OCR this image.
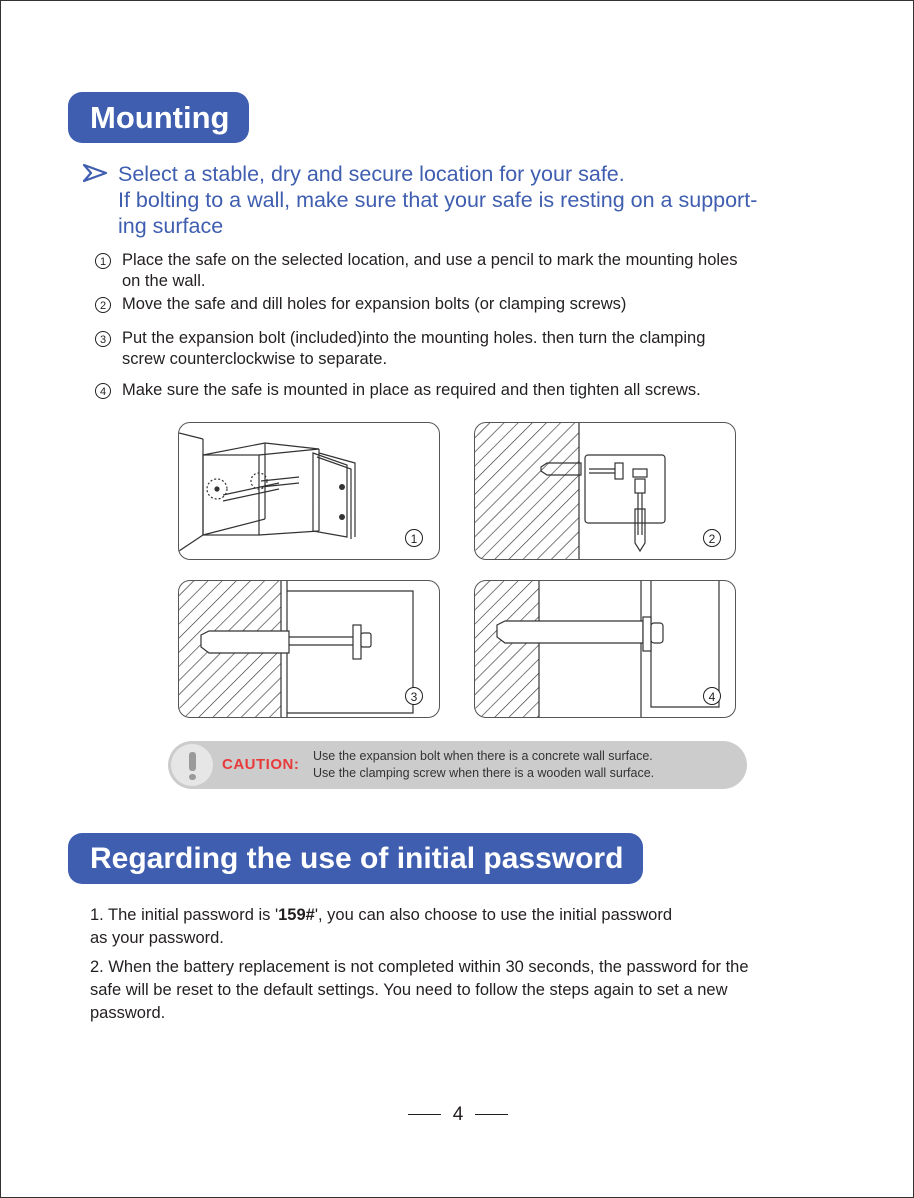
Mounting
Select a stable, dry and secure location for your safe.
If bolting to a wall, make sure that your safe is resting on a support-
ing surface
1 Place the safe on the selected location, and use a pencil to mark the mounting holes
on the wall.
2 Move the safe and dill holes for expansion bolts (or clamping screws)
3 Put the expansion bolt (included)into the mounting holes. then turn the clamping
screw counterclockwise to separate.
4 Make sure the safe is mounted in place as required and then tighten all screws.
1	2
3	4
CAUTION: Use the expansion bolt when there is a concrete wall surface.
Use the clamping screw when there is a wooden wall surface.
Regarding the use of initial password
1. The initial password is '159#', you can also choose to use the initial password
as your password.
2. When the battery replacement is not completed within 30 seconds, the password for the
safe will be reset to the default settings. You need to follow the steps again to set a new
password.
4
